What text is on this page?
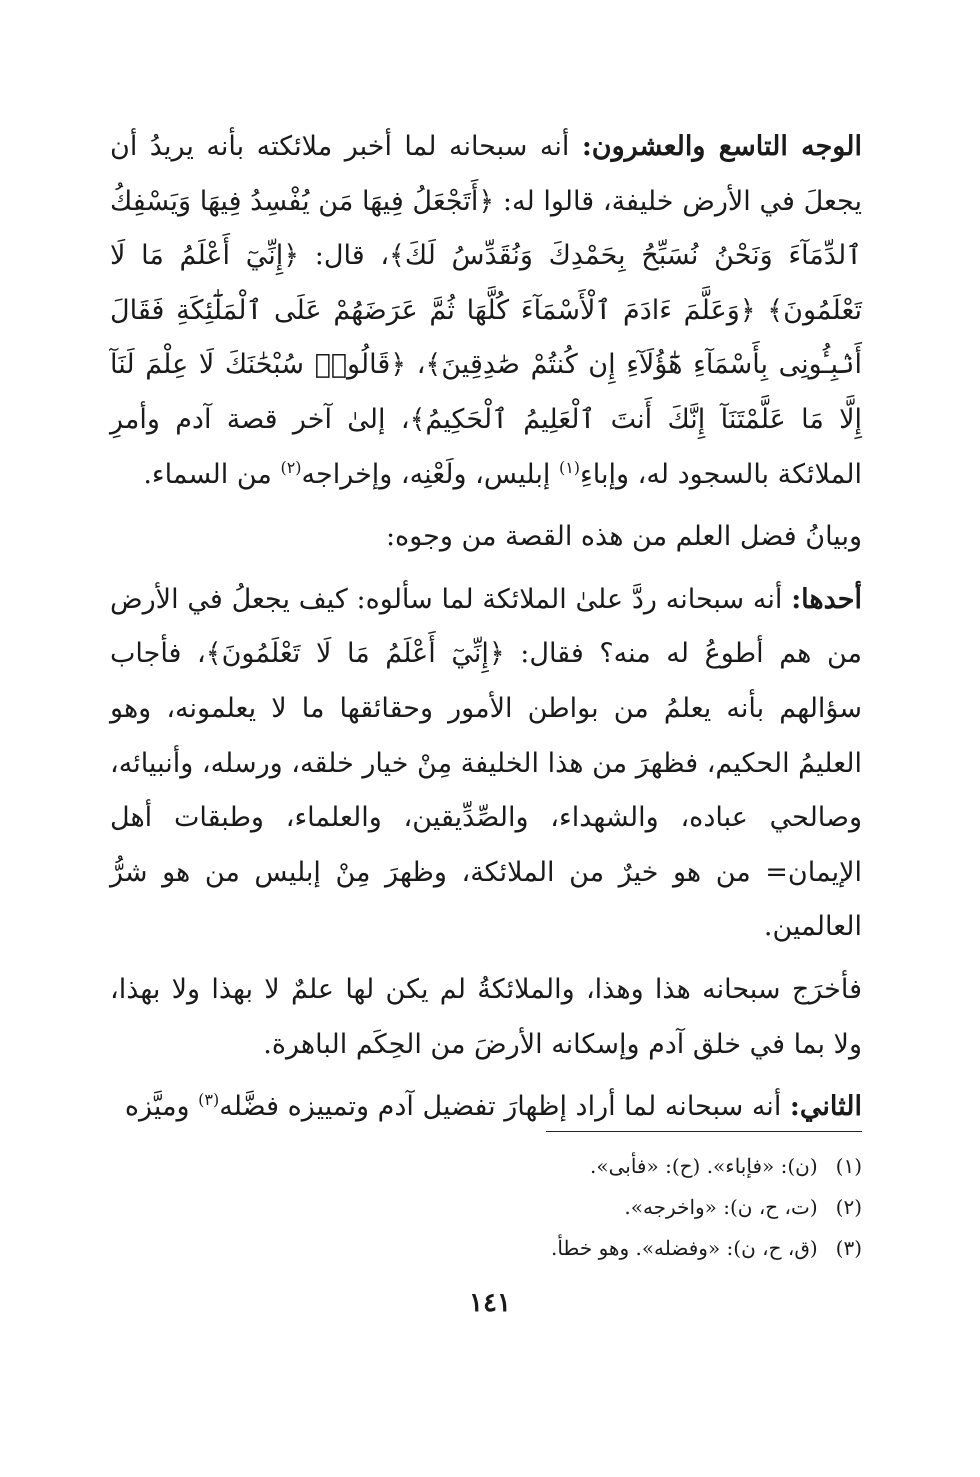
الوجه التاسع والعشرون: أنه سبحانه لما أخبر ملائكته بأنه يريدُ أن يجعلَ في الأرض خليفة، قالوا له: ﴿أَتَجْعَلُ فِيهَا مَن يُفْسِدُ فِيهَا وَيَسْفِكُ ٱلدِّمَآءَ وَنَحْنُ نُسَبِّحُ بِحَمْدِكَ وَنُقَدِّسُ لَكَ﴾، قال: ﴿إِنِّيٓ أَعْلَمُ مَا لَا تَعْلَمُونَ﴾ ﴿وَعَلَّمَ ءَادَمَ ٱلْأَسْمَآءَ كُلَّهَا ثُمَّ عَرَضَهُمْ عَلَى ٱلْمَلَٰٓئِكَةِ فَقَالَ أَنۢبِـُٔونِى بِأَسْمَآءِ هَٰٓؤُلَآءِ إِن كُنتُمْ صَٰدِقِينَ﴾، ﴿قَالُوا۟ سُبْحَٰنَكَ لَا عِلْمَ لَنَآ إِلَّا مَا عَلَّمْتَنَآ إِنَّكَ أَنتَ ٱلْعَلِيمُ ٱلْحَكِيمُ﴾، إلىٰ آخر قصة آدم وأمرِ الملائكة بالسجود له، وإباءِ$^{(١)}$ إبليس، ولَعْنِه، وإخراجه$^{(٢)}$ من السماء.

وبيانُ فضل العلم من هذه القصة من وجوه:

أحدها: أنه سبحانه ردَّ علىٰ الملائكة لما سألوه: كيف يجعلُ في الأرض من هم أطوعُ له منه؟ فقال: ﴿إِنِّيٓ أَعْلَمُ مَا لَا تَعْلَمُونَ﴾، فأجاب سؤالهم بأنه يعلمُ من بواطن الأمور وحقائقها ما لا يعلمونه، وهو العليمُ الحكيم، فظهرَ من هذا الخليفة مِنْ خيار خلقه، ورسله، وأنبيائه، وصالحي عباده، والشهداء، والصِّدِّيقين، والعلماء، وطبقات أهل الإيمان= من هو خيرٌ من الملائكة، وظهرَ مِنْ إبليس من هو شرُّ العالمين.

فأخرَج سبحانه هذا وهذا، والملائكةُ لم يكن لها علمٌ لا بهذا ولا بهذا، ولا بما في خلق آدم وإسكانه الأرضَ من الحِكَم الباهرة.

الثاني: أنه سبحانه لما أراد إظهارَ تفضيل آدم وتمييزه فضَّله$^{(٣)}$ وميَّزه

(١) (ن): «فإباء». (ح): «فأبى».

(٢) (ت، ح، ن): «واخرجه».

(٣) (ق، ح، ن): «وفضله». وهو خطأ.

١٤١
